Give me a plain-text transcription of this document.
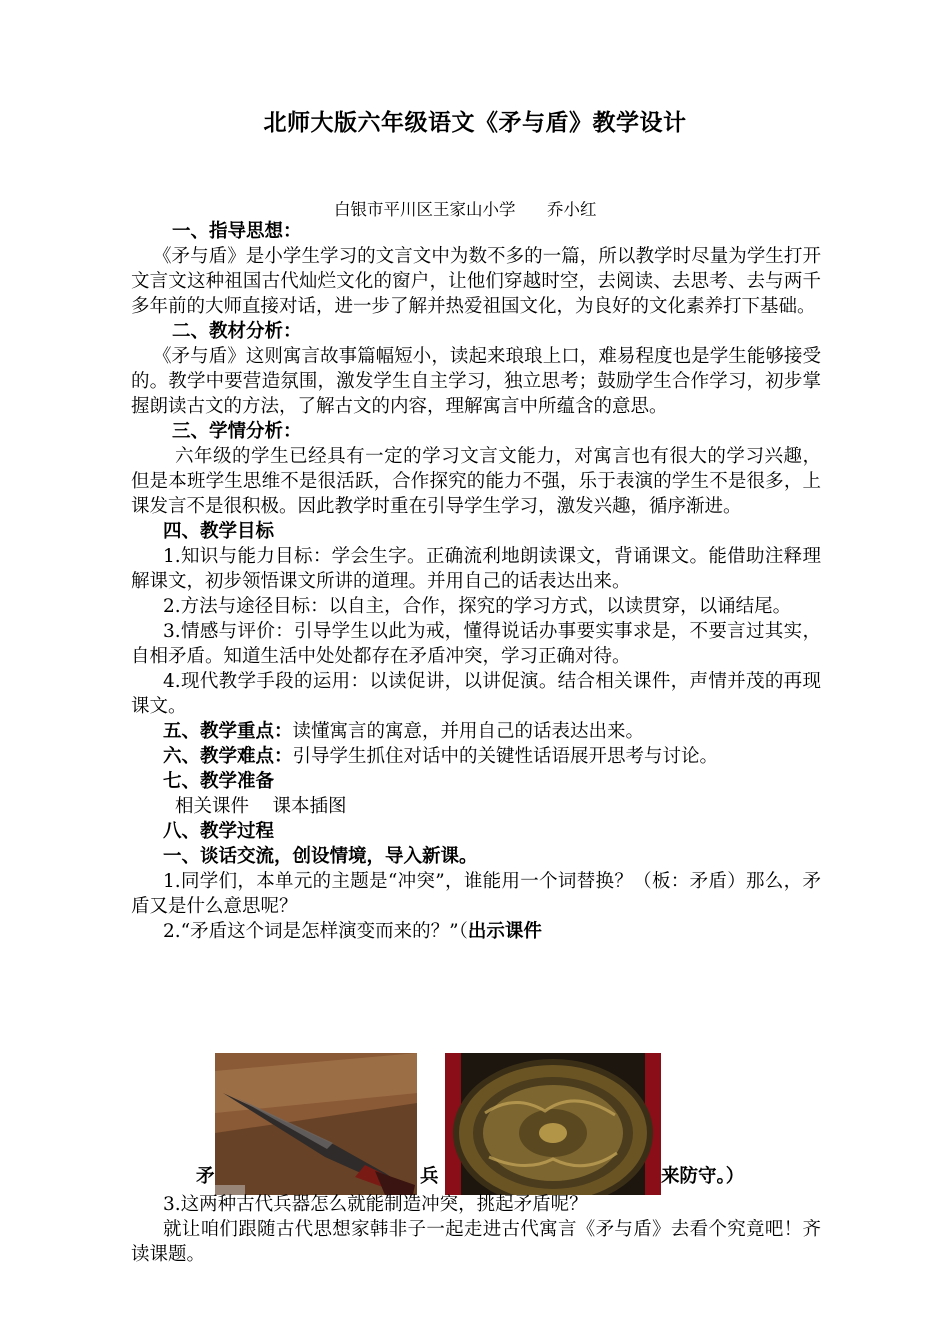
北师大版六年级语文《矛与盾》教学设计
白银市平川区王家山小学      乔小红

一、指导思想：

《矛与盾》是小学生学习的文言文中为数不多的一篇，所以教学时尽量为学生打开文言文这种祖国古代灿烂文化的窗户，让他们穿越时空，去阅读、去思考、去与两千多年前的大师直接对话，进一步了解并热爱祖国文化，为良好的文化素养打下基础。

二、教材分析：

《矛与盾》这则寓言故事篇幅短小，读起来琅琅上口，难易程度也是学生能够接受的。教学中要营造氛围，激发学生自主学习，独立思考；鼓励学生合作学习，初步掌握朗读古文的方法，了解古文的内容，理解寓言中所蕴含的意思。

三、学情分析：

六年级的学生已经具有一定的学习文言文能力，对寓言也有很大的学习兴趣，但是本班学生思维不是很活跃，合作探究的能力不强，乐于表演的学生不是很多，上课发言不是很积极。因此教学时重在引导学生学习，激发兴趣，循序渐进。

四、教学目标

1.知识与能力目标：学会生字。正确流利地朗读课文，背诵课文。能借助注释理解课文，初步领悟课文所讲的道理。并用自己的话表达出来。

2.方法与途径目标：以自主，合作，探究的学习方式，以读贯穿，以诵结尾。

3.情感与评价：引导学生以此为戒，懂得说话办事要实事求是，不要言过其实，自相矛盾。知道生活中处处都存在矛盾冲突，学习正确对待。

4.现代教学手段的运用：以读促讲，以讲促演。结合相关课件，声情并茂的再现课文。

五、教学重点：读懂寓言的寓意，并用自己的话表达出来。

六、教学难点：引导学生抓住对话中的关键性话语展开思考与讨论。

七、教学准备

相关课件    课本插图

八、教学过程

一、谈话交流，创设情境，导入新课。

1.同学们，本单元的主题是“冲突”，谁能用一个词替换？（板：矛盾）那么，矛盾又是什么意思呢？

2.“矛盾这个词是怎样演变而来的？”（出示课件

矛	兵	来防守。）

3.这两种古代兵器怎么就能制造冲突，挑起矛盾呢？

就让咱们跟随古代思想家韩非子一起走进古代寓言《矛与盾》去看个究竟吧！齐读课题。
